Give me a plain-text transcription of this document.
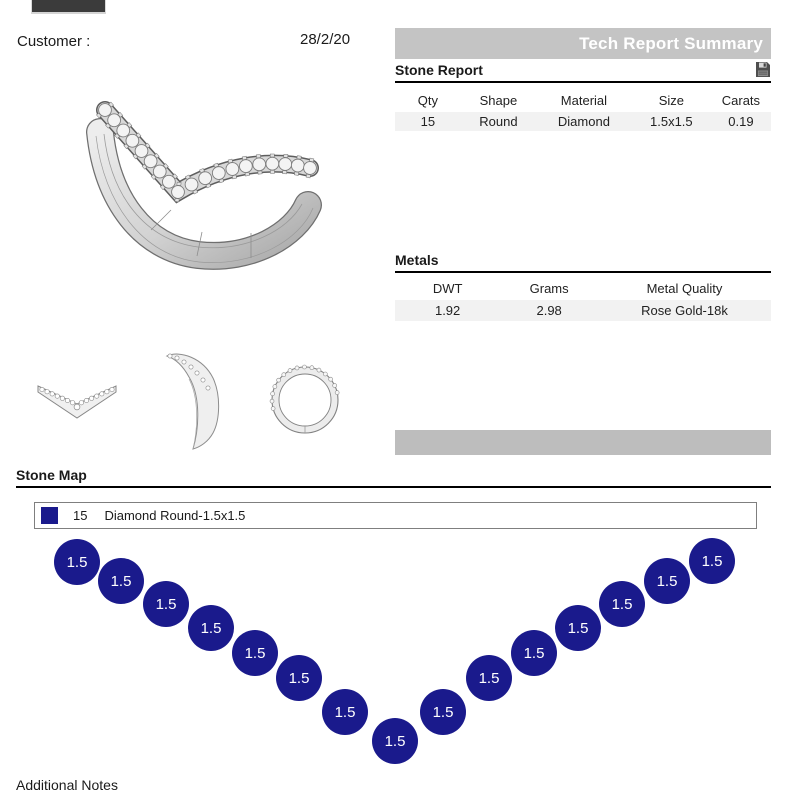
Customer :	28/2/20	Tech Report Summary
Stone Report
Qty	Shape	Material	Size	Carats
15	Round	Diamond	1.5x1.5	0.19
Metals
DWT	Grams	Metal Quality
1.92	2.98	Rose Gold-18k
Stone Map
15 Diamond Round-1.5x1.5
1.5
1.5
1.5
1.5
1.5
1.5
1.5
1.5
1.5
1.5
1.5
1.5
1.5
1.5
1.5
Additional Notes
